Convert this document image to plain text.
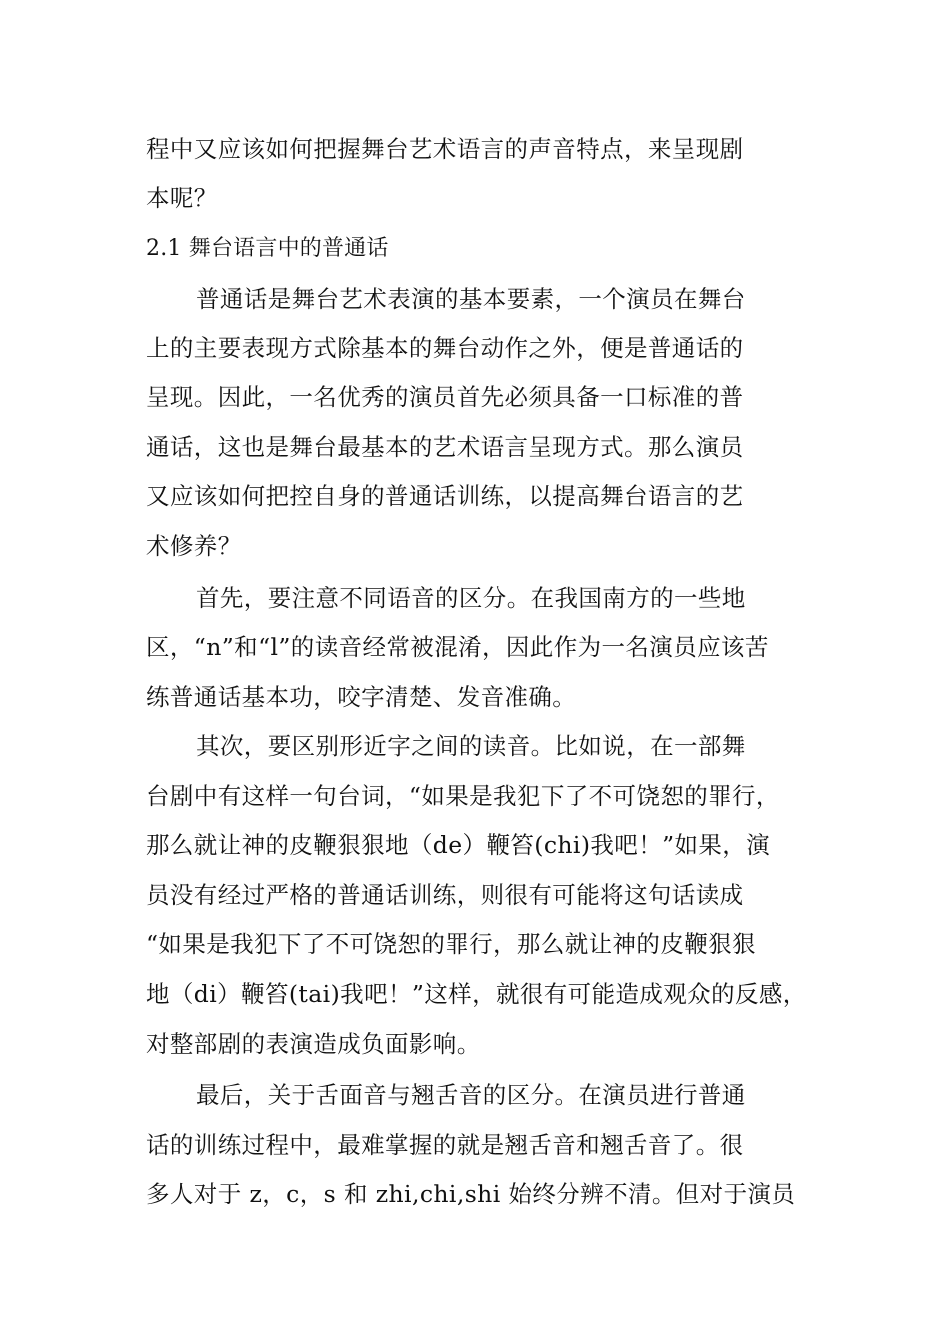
程中又应该如何把握舞台艺术语言的声音特点，来呈现剧
本呢？
2.1 舞台语言中的普通话
普通话是舞台艺术表演的基本要素，一个演员在舞台
上的主要表现方式除基本的舞台动作之外，便是普通话的
呈现。因此，一名优秀的演员首先必须具备一口标准的普
通话，这也是舞台最基本的艺术语言呈现方式。那么演员
又应该如何把控自身的普通话训练，以提高舞台语言的艺
术修养？
首先，要注意不同语音的区分。在我国南方的一些地
区，“n”和“l”的读音经常被混淆，因此作为一名演员应该苦
练普通话基本功，咬字清楚、发音准确。
其次，要区别形近字之间的读音。比如说，在一部舞
台剧中有这样一句台词，“如果是我犯下了不可饶恕的罪行，
那么就让神的皮鞭狠狠地（de）鞭笞(chi)我吧！”如果，演
员没有经过严格的普通话训练，则很有可能将这句话读成
“如果是我犯下了不可饶恕的罪行，那么就让神的皮鞭狠狠
地（di）鞭笞(tai)我吧！”这样，就很有可能造成观众的反感，
对整部剧的表演造成负面影响。
最后，关于舌面音与翘舌音的区分。在演员进行普通
话的训练过程中，最难掌握的就是翘舌音和翘舌音了。很
多人对于 z，c，s 和 zhi,chi,shi 始终分辨不清。但对于演员
